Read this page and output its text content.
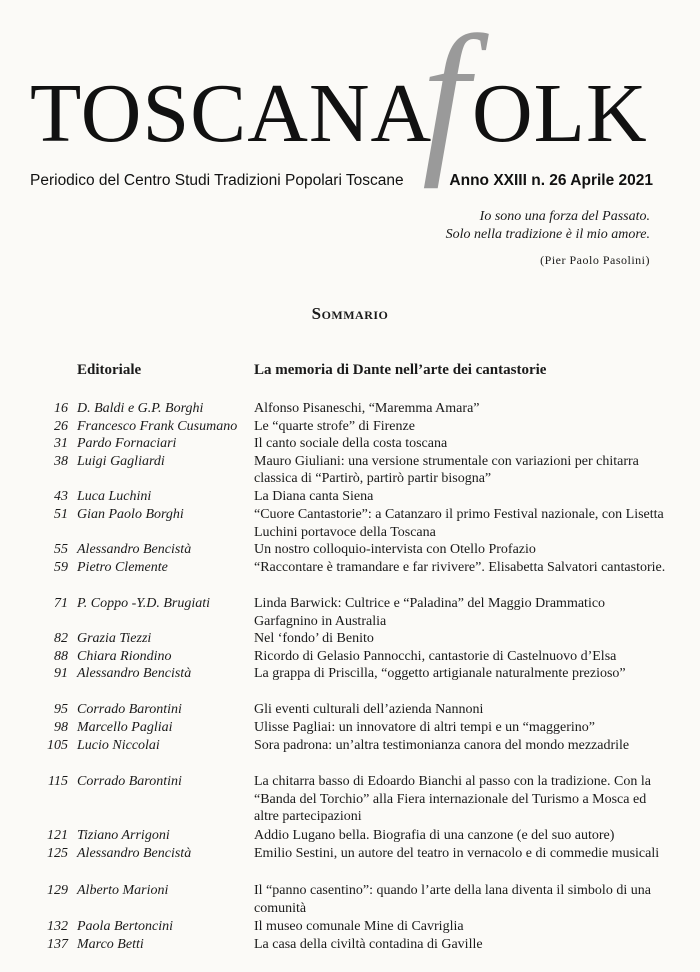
f
TOSCANA OLK
Periodico del Centro Studi Tradizioni Popolari Toscane	Anno XXIII n. 26 Aprile 2021
Io sono una forza del Passato.
Solo nella tradizione è il mio amore.
(Pier Paolo Pasolini)
Sommario
Editoriale	La memoria di Dante nell’arte dei cantastorie
16 D. Baldi e G.P. Borghi	Alfonso Pisaneschi, “Maremma Amara”
26 Francesco Frank Cusumano	Le “quarte strofe” di Firenze
31 Pardo Fornaciari	Il canto sociale della costa toscana
38 Luigi Gagliardi	Mauro Giuliani: una versione strumentale con variazioni per chitarra classica di “Partirò, partirò partir bisogna”
43 Luca Luchini	La Diana canta Siena
51 Gian Paolo Borghi	“Cuore Cantastorie”: a Catanzaro il primo Festival nazionale, con Lisetta Luchini portavoce della Toscana
55 Alessandro Bencistà	Un nostro colloquio-intervista con Otello Profazio
59 Pietro Clemente	“Raccontare è tramandare e far rivivere”. Elisabetta Salvatori cantastorie.
71 P. Coppo -Y.D. Brugiati	Linda Barwick: Cultrice e “Paladina” del Maggio Drammatico Garfagnino in Australia
82 Grazia Tiezzi	Nel ‘fondo’ di Benito
88 Chiara Riondino	Ricordo di Gelasio Pannocchi, cantastorie di Castelnuovo d’Elsa
91 Alessandro Bencistà	La grappa di Priscilla, “oggetto artigianale naturalmente prezioso”
95 Corrado Barontini	Gli eventi culturali dell’azienda Nannoni
98 Marcello Pagliai	Ulisse Pagliai: un innovatore di altri tempi e un “maggerino”
105 Lucio Niccolai	Sora padrona: un’altra testimonianza canora del mondo mezzadrile
115 Corrado Barontini	La chitarra basso di Edoardo Bianchi al passo con la tradizione. Con la “Banda del Torchio” alla Fiera internazionale del Turismo a Mosca ed altre partecipazioni
121 Tiziano Arrigoni	Addio Lugano bella. Biografia di una canzone (e del suo autore)
125 Alessandro Bencistà	Emilio Sestini, un autore del teatro in vernacolo e di commedie musicali
129 Alberto Marioni	Il “panno casentino”: quando l’arte della lana diventa il simbolo di una comunità
132 Paola Bertoncini	Il museo comunale Mine di Cavriglia
137 Marco Betti	La casa della civiltà contadina di Gaville
